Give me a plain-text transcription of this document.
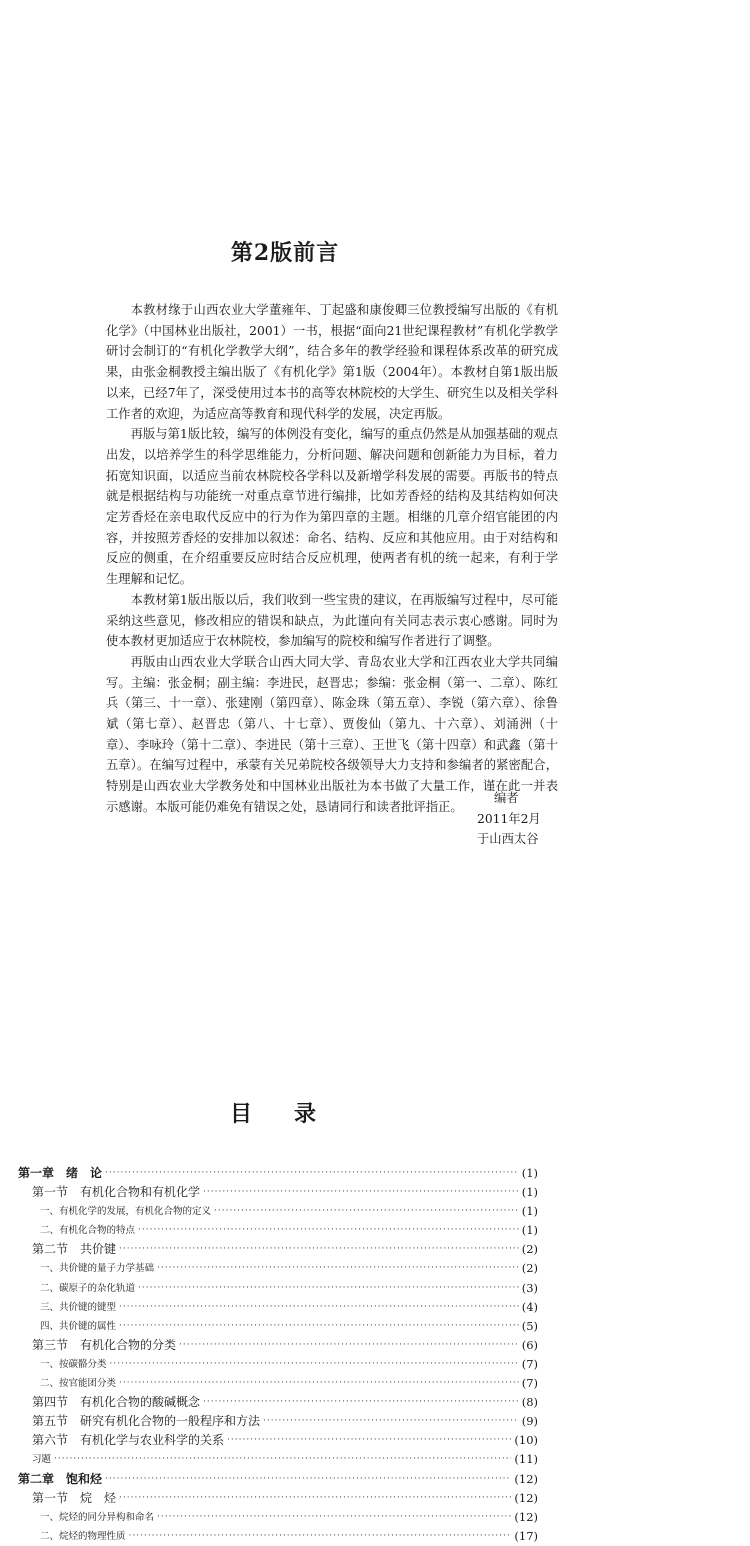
第2版前言

本教材缘于山西农业大学董雍年、丁起盛和康俊卿三位教授编写出版的《有机化学》（中国林业出版社，2001）一书，根据“面向21世纪课程教材”有机化学教学研讨会制订的“有机化学教学大纲”，结合多年的教学经验和课程体系改革的研究成果，由张金桐教授主编出版了《有机化学》第1版（2004年）。本教材自第1版出版以来，已经7年了，深受使用过本书的高等农林院校的大学生、研究生以及相关学科工作者的欢迎，为适应高等教育和现代科学的发展，决定再版。

再版与第1版比较，编写的体例没有变化，编写的重点仍然是从加强基础的观点出发，以培养学生的科学思维能力，分析问题、解决问题和创新能力为目标，着力拓宽知识面，以适应当前农林院校各学科以及新增学科发展的需要。再版书的特点就是根据结构与功能统一对重点章节进行编排，比如芳香烃的结构及其结构如何决定芳香烃在亲电取代反应中的行为作为第四章的主题。相继的几章介绍官能团的内容，并按照芳香烃的安排加以叙述：命名、结构、反应和其他应用。由于对结构和反应的侧重，在介绍重要反应时结合反应机理，使两者有机的统一起来，有利于学生理解和记忆。

本教材第1版出版以后，我们收到一些宝贵的建议，在再版编写过程中，尽可能采纳这些意见，修改相应的错误和缺点，为此谨向有关同志表示衷心感谢。同时为使本教材更加适应于农林院校，参加编写的院校和编写作者进行了调整。

再版由山西农业大学联合山西大同大学、青岛农业大学和江西农业大学共同编写。主编：张金桐；副主编：李进民，赵晋忠；参编：张金桐（第一、二章）、陈红兵（第三、十一章）、张建刚（第四章）、陈金珠（第五章）、李锐（第六章）、徐鲁斌（第七章）、赵晋忠（第八、十七章）、贾俊仙（第九、十六章）、刘涌洲（十章）、李咏玲（第十二章）、李进民（第十三章）、王世飞（第十四章）和武鑫（第十五章）。在编写过程中，承蒙有关兄弟院校各级领导大力支持和参编者的紧密配合，特别是山西农业大学教务处和中国林业出版社为本书做了大量工作，谨在此一并表示感谢。本版可能仍难免有错误之处，恳请同行和读者批评指正。

编者
2011年2月
于山西太谷
目录
第一章　绪　论 ·····	(1)
第一节　有机化合物和有机化学 ·····	(1)
一、有机化学的发展，有机化合物的定义 ·····	(1)
二、有机化合物的特点 ·····	(1)
第二节　共价键 ·····	(2)
一、共价键的量子力学基础 ·····	(2)
二、碳原子的杂化轨道 ·····	(3)
三、共价键的键型 ·····	(4)
四、共价键的属性 ·····	(5)
第三节　有机化合物的分类 ·····	(6)
一、按碳骼分类 ·····	(7)
二、按官能团分类 ·····	(7)
第四节　有机化合物的酸碱概念 ·····	(8)
第五节　研究有机化合物的一般程序和方法 ·····	(9)
第六节　有机化学与农业科学的关系 ·····	(10)
习题 ·····	(11)
第二章　饱和烃 ·····	(12)
第一节　烷　烃 ·····	(12)
一、烷烃的同分异构和命名 ·····	(12)
二、烷烃的物理性质 ·····	(17)
